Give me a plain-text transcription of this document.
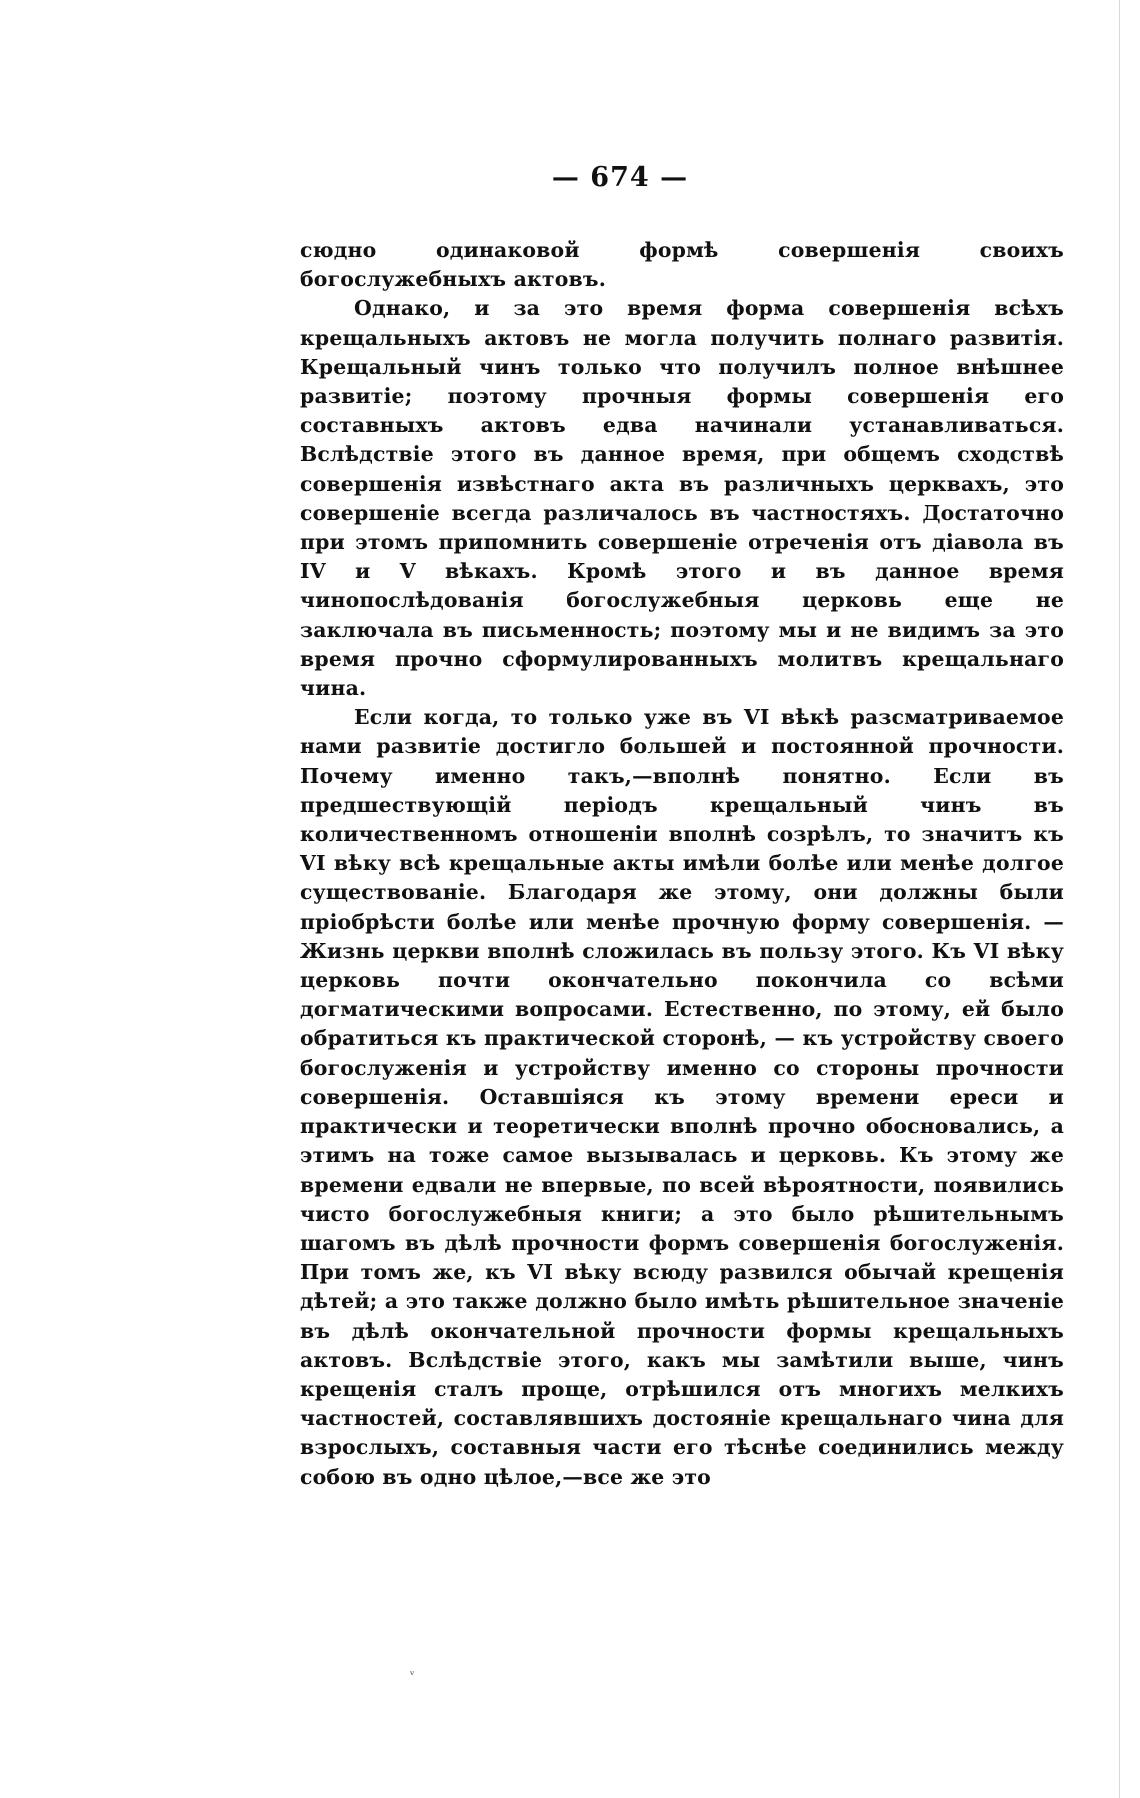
— 674 —

сюдно одинаковой формѣ совершенія своихъ богослужебныхъ актовъ.

Однако, и за это время форма совершенія всѣхъ крещальныхъ актовъ не могла получить полнаго развитія. Крещальный чинъ только что получилъ полное внѣшнее развитіе; поэтому прочныя формы совершенія его составныхъ актовъ едва начинали устанавливаться. Вслѣдствіе этого въ данное время, при общемъ сходствѣ совершенія извѣстнаго акта въ различныхъ церквахъ, это совершеніе всегда различалось въ частностяхъ. Достаточно при этомъ припомнить совершеніе отреченія отъ діавола въ IV и V вѣкахъ. Кромѣ этого и въ данное время чинопослѣдованія богослужебныя церковь еще не заключала въ письменность; поэтому мы и не видимъ за это время прочно сформулированныхъ молитвъ крещальнаго чина.

Если когда, то только уже въ VI вѣкѣ разсматриваемое нами развитіе достигло большей и постоянной прочности. Почему именно такъ,—вполнѣ понятно. Если въ предшествующій періодъ крещальный чинъ въ количественномъ отношеніи вполнѣ созрѣлъ, то значитъ къ VI вѣку всѣ крещальные акты имѣли болѣе или менѣе долгое существованіе. Благодаря же этому, они должны были пріобрѣсти болѣе или менѣе прочную форму совершенія. — Жизнь церкви вполнѣ сложилась въ пользу этого. Къ VI вѣку церковь почти окончательно покончила со всѣми догматическими вопросами. Естественно, по этому, ей было обратиться къ практической сторонѣ, — къ устройству своего богослуженія и устройству именно со стороны прочности совершенія. Оставшіяся къ этому времени ереси и практически и теоретически вполнѣ прочно обосновались, а этимъ на тоже самое вызывалась и церковь. Къ этому же времени едвали не впервые, по всей вѣроятности, появились чисто богослужебныя книги; а это было рѣшительнымъ шагомъ въ дѣлѣ прочности формъ совершенія богослуженія. При томъ же, къ VI вѣку всюду развился обычай крещенія дѣтей; а это также должно было имѣть рѣшительное значеніе въ дѣлѣ окончательной прочности формы крещальныхъ актовъ. Вслѣдствіе этого, какъ мы замѣтили выше, чинъ крещенія сталъ проще, отрѣшился отъ многихъ мелкихъ частностей, составлявшихъ достояніе крещальнаго чина для взрослыхъ, составныя части его тѣснѣе соединились между собою въ одно цѣлое,—все же это

ᵛ
